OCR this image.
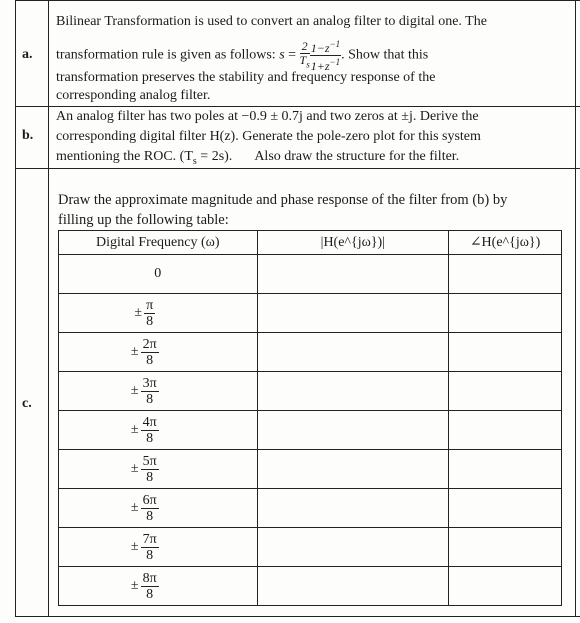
a.
Bilinear Transformation is used to convert an analog filter to digital one. The
transformation rule is given as follows: $s = \frac{2}{T_s} \frac{1-z^{-1}}{1+z^{-1}}$ . Show that this
transformation preserves the stability and frequency response of the
corresponding analog filter.
b.
An analog filter has two poles at −0.9 ± 0.7j and two zeros at ±j. Derive the
corresponding digital filter H(z). Generate the pole-zero plot for this system
mentioning the ROC. $(T_s = 2s)$. Also draw the structure for the filter.
c.
Draw the approximate magnitude and phase response of the filter from (b) by
filling up the following table:
Digital Frequency (ω)	|H(e^{jω})|	∠H(e^{jω})
0		

± $\frac{\pi}{8}$

± $\frac{2\pi}{8}$

± $\frac{3\pi}{8}$

± $\frac{4\pi}{8}$

± $\frac{5\pi}{8}$

± $\frac{6\pi}{8}$

± $\frac{7\pi}{8}$

± $\frac{8\pi}{8}$
